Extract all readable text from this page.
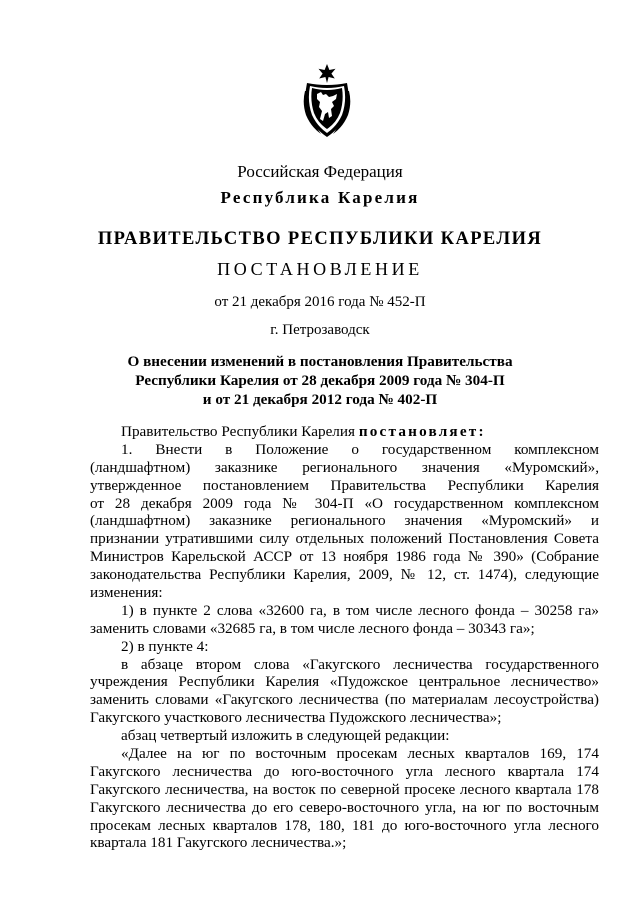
Российская Федерация
Республика Карелия
ПРАВИТЕЛЬСТВО РЕСПУБЛИКИ КАРЕЛИЯ
ПОСТАНОВЛЕНИЕ
от 21 декабря 2016 года № 452-П
г. Петрозаводск
О внесении изменений в постановления Правительства
Республики Карелия от 28 декабря 2009 года № 304-П
и от 21 декабря 2012 года № 402-П
Правительство Республики Карелия постановляет:
1. Внести в Положение о государственном комплексном
(ландшафтном) заказнике регионального значения «Муромский»,
утвержденное постановлением Правительства Республики Карелия
от 28 декабря 2009 года № 304-П «О государственном комплексном
(ландшафтном) заказнике регионального значения «Муромский» и
признании утратившими силу отдельных положений Постановления Совета
Министров Карельской АССР от 13 ноября 1986 года № 390» (Собрание
законодательства Республики Карелия, 2009, № 12, ст. 1474), следующие
изменения:
1) в пункте 2 слова «32600 га, в том числе лесного фонда – 30258 га»
заменить словами «32685 га, в том числе лесного фонда – 30343 га»;
2) в пункте 4:
в абзаце втором слова «Гакугского лесничества государственного
учреждения Республики Карелия «Пудожское центральное лесничество»
заменить словами «Гакугского лесничества (по материалам лесоустройства)
Гакугского участкового лесничества Пудожского лесничества»;
абзац четвертый изложить в следующей редакции:
«Далее на юг по восточным просекам лесных кварталов 169, 174
Гакугского лесничества до юго-восточного угла лесного квартала 174
Гакугского лесничества, на восток по северной просеке лесного квартала 178
Гакугского лесничества до его северо-восточного угла, на юг по восточным
просекам лесных кварталов 178, 180, 181 до юго-восточного угла лесного
квартала 181 Гакугского лесничества.»;
